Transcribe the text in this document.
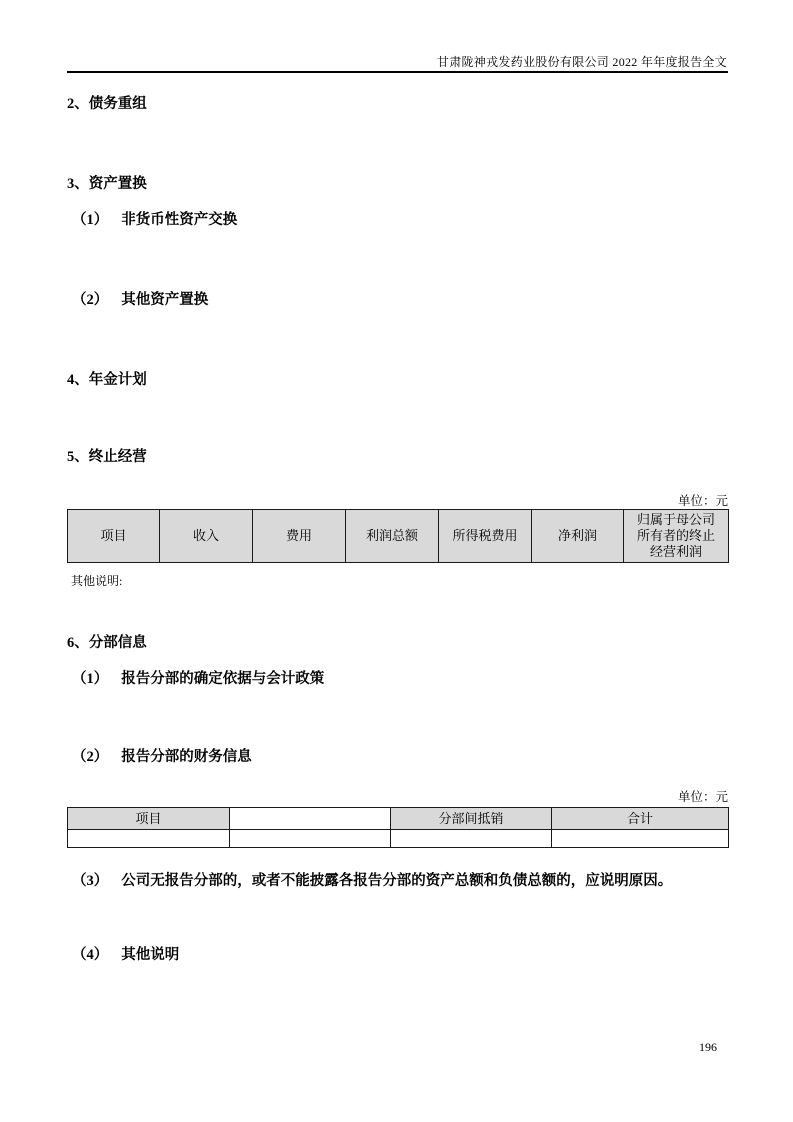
甘肃陇神戎发药业股份有限公司 2022 年年度报告全文
2、债务重组
3、资产置换
（1） 非货币性资产交换
（2） 其他资产置换
4、年金计划
5、终止经营
单位：元
项目	收入	费用	利润总额	所得税费用	净利润	归属于母公司所有者的终止经营利润
其他说明:
6、分部信息
（1） 报告分部的确定依据与会计政策
（2） 报告分部的财务信息
单位：元
项目		分部间抵销	合计

（3） 公司无报告分部的，或者不能披露各报告分部的资产总额和负债总额的，应说明原因。
（4） 其他说明
196
